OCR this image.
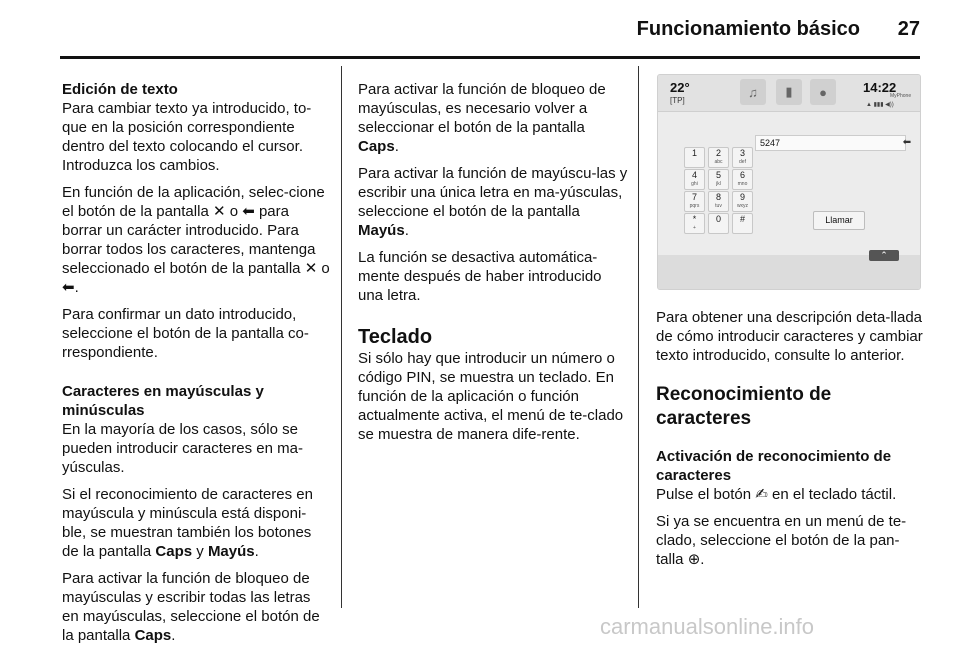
Funcionamiento básico	27
Edición de texto

Para cambiar texto ya introducido, to-que en la posición correspondiente dentro del texto colocando el cursor. Introduzca los cambios.

En función de la aplicación, selec-cione el botón de la pantalla ✕ o ⬅ para borrar un carácter introducido. Para borrar todos los caracteres, mantenga seleccionado el botón de la pantalla ✕ o ⬅.

Para confirmar un dato introducido, seleccione el botón de la pantalla co-rrespondiente.

Caracteres en mayúsculas y minúsculas

En la mayoría de los casos, sólo se pueden introducir caracteres en ma-yúsculas.

Si el reconocimiento de caracteres en mayúscula y minúscula está disponi-ble, se muestran también los botones de la pantalla Caps y Mayús.

Para activar la función de bloqueo de mayúsculas y escribir todas las letras en mayúsculas, seleccione el botón de la pantalla Caps.

Para activar la función de bloqueo de mayúsculas, es necesario volver a seleccionar el botón de la pantalla Caps.

Para activar la función de mayúscu-las y escribir una única letra en ma-yúsculas, seleccione el botón de la pantalla Mayús.

La función se desactiva automática-mente después de haber introducido una letra.

Teclado

Si sólo hay que introducir un número o código PIN, se muestra un teclado. En función de la aplicación o función actualmente activa, el menú de te-clado se muestra de manera dife-rente.

22°
[TP]
♫	▮	●	14:22
MyPhone
▲ ▮▮▮ ◀))
5247	⬅
1	2
abc
3
def
4
ghi
5
jkl
6
mno
7
pqrs
8
tuv
9
wxyz
*
+
0	#	Llamar
⌃

Para obtener una descripción deta-llada de cómo introducir caracteres y cambiar texto introducido, consulte lo anterior.

Reconocimiento de caracteres
Activación de reconocimiento de caracteres

Pulse el botón ✍ en el teclado táctil.

Si ya se encuentra en un menú de te-clado, seleccione el botón de la pan-talla ⊕.

carmanualsonline.info
